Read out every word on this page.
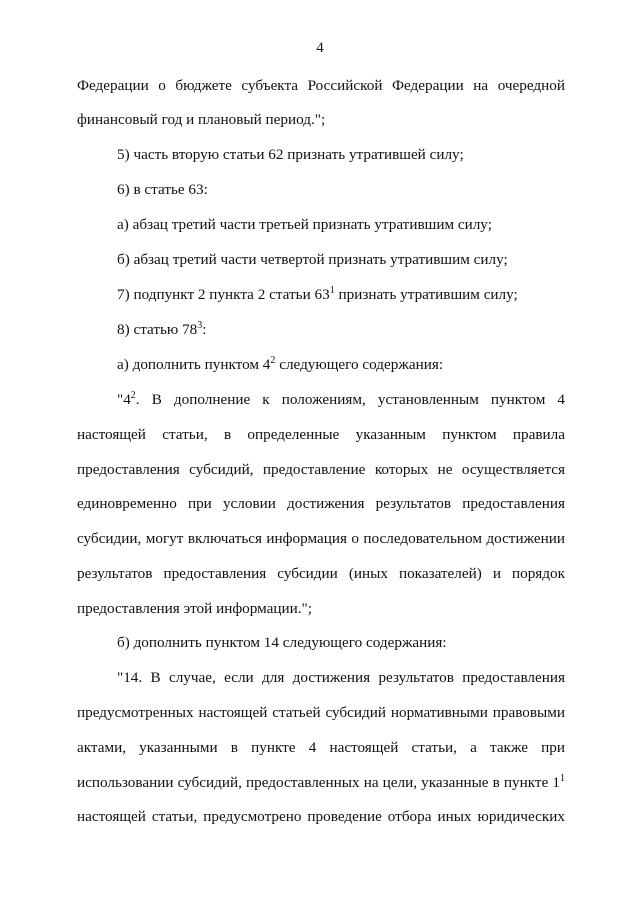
4
Федерации о бюджете субъекта Российской Федерации на очередной
финансовый год и плановый период.";
5) часть вторую статьи 62 признать утратившей силу;
6) в статье 63:
а) абзац третий части третьей признать утратившим силу;
б) абзац третий части четвертой признать утратившим силу;
7) подпункт 2 пункта 2 статьи $63^1$ признать утратившим силу;
8) статью $78^3$:
а) дополнить пунктом $4^2$ следующего содержания:
"$4^2$. В дополнение к положениям, установленным пунктом 4
настоящей статьи, в определенные указанным пунктом правила
предоставления субсидий, предоставление которых не осуществляется
единовременно при условии достижения результатов предоставления
субсидии, могут включаться информация о последовательном достижении
результатов предоставления субсидии (иных показателей) и порядок
предоставления этой информации.";
б) дополнить пунктом 14 следующего содержания:
"14. В случае, если для достижения результатов предоставления
предусмотренных настоящей статьей субсидий нормативными правовыми
актами, указанными в пункте 4 настоящей статьи, а также при
использовании субсидий, предоставленных на цели, указанные в пункте $1^1$
настоящей статьи, предусмотрено проведение отбора иных юридических
